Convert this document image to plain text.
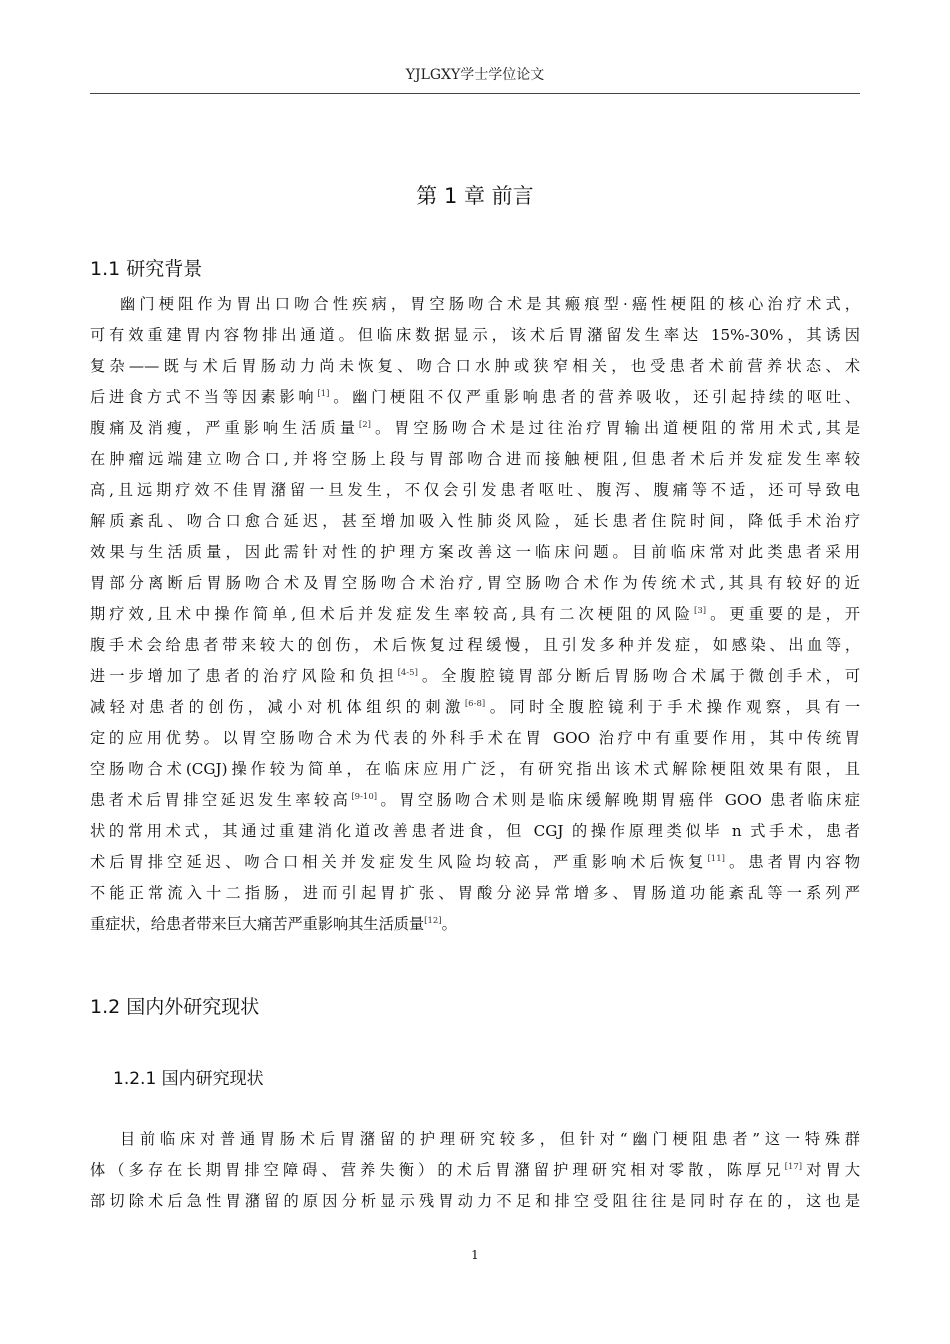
YJLGXY学士学位论文
第 1 章 前言
1.1 研究背景
幽门梗阻作为胃出口吻合性疾病，胃空肠吻合术是其瘢痕型·癌性梗阻的核心治疗术式，
可有效重建胃内容物排出通道。但临床数据显示，该术后胃潴留发生率达 15%-30%，其诱因
复杂——既与术后胃肠动力尚未恢复、吻合口水肿或狭窄相关，也受患者术前营养状态、术
后进食方式不当等因素影响[1]。幽门梗阻不仅严重影响患者的营养吸收，还引起持续的呕吐、
腹痛及消瘦，严重影响生活质量[2]。胃空肠吻合术是过往治疗胃输出道梗阻的常用术式,其是
在肿瘤远端建立吻合口,并将空肠上段与胃部吻合进而接触梗阻,但患者术后并发症发生率较
高,且远期疗效不佳胃潴留一旦发生，不仅会引发患者呕吐、腹泻、腹痛等不适，还可导致电
解质紊乱、吻合口愈合延迟，甚至增加吸入性肺炎风险，延长患者住院时间，降低手术治疗
效果与生活质量，因此需针对性的护理方案改善这一临床问题。目前临床常对此类患者采用
胃部分离断后胃肠吻合术及胃空肠吻合术治疗,胃空肠吻合术作为传统术式,其具有较好的近
期疗效,且术中操作简单,但术后并发症发生率较高,具有二次梗阻的风险[3]。更重要的是，开
腹手术会给患者带来较大的创伤，术后恢复过程缓慢，且引发多种并发症，如感染、出血等，
进一步增加了患者的治疗风险和负担[4-5]。全腹腔镜胃部分断后胃肠吻合术属于微创手术，可
减轻对患者的创伤，减小对机体组织的刺激[6-8]。同时全腹腔镜利于手术操作观察，具有一
定的应用优势。以胃空肠吻合术为代表的外科手术在胃 GOO 治疗中有重要作用，其中传统胃
空肠吻合术(CGJ)操作较为简单，在临床应用广泛，有研究指出该术式解除梗阻效果有限，且
患者术后胃排空延迟发生率较高[9-10]。胃空肠吻合术则是临床缓解晚期胃癌伴 GOO 患者临床症
状的常用术式，其通过重建消化道改善患者进食，但 CGJ 的操作原理类似毕 n 式手术，患者
术后胃排空延迟、吻合口相关并发症发生风险均较高，严重影响术后恢复[11]。患者胃内容物
不能正常流入十二指肠，进而引起胃扩张、胃酸分泌异常增多、胃肠道功能紊乱等一系列严
重症状，给患者带来巨大痛苦严重影响其生活质量[12]。
1.2 国内外研究现状
1.2.1 国内研究现状
目前临床对普通胃肠术后胃潴留的护理研究较多，但针对“幽门梗阻患者”这一特殊群
体（多存在长期胃排空障碍、营养失衡）的术后胃潴留护理研究相对零散，陈厚兄[17]对胃大
部切除术后急性胃潴留的原因分析显示残胃动力不足和排空受阻往往是同时存在的，这也是
1
